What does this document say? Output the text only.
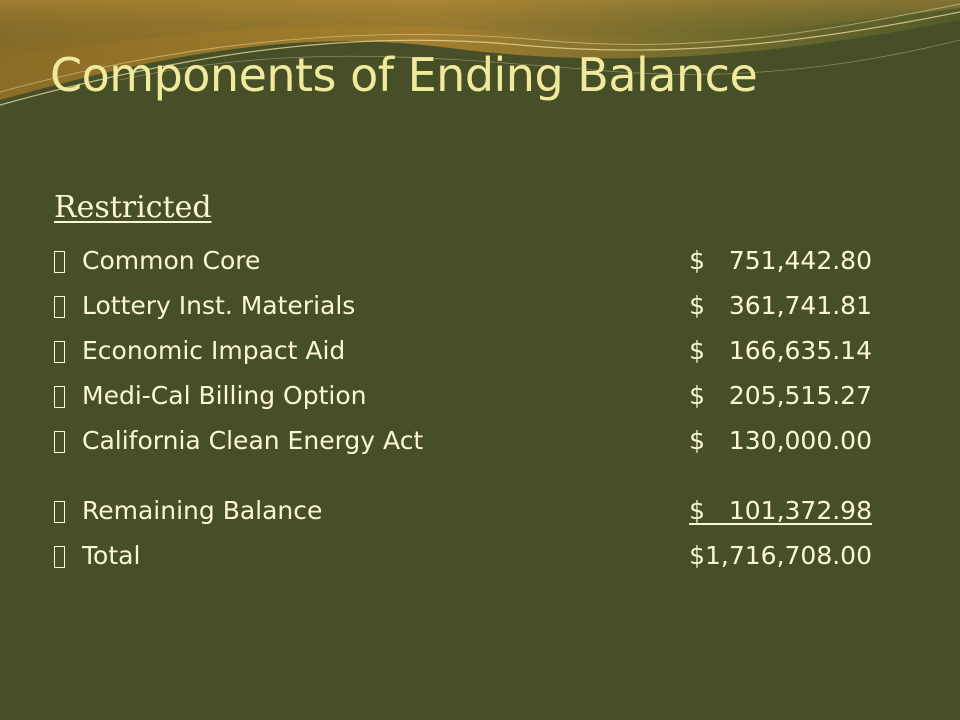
Components of Ending Balance
Restricted
Common Core	$   751,442.80
Lottery Inst. Materials	$   361,741.81
Economic Impact Aid	$   166,635.14
Medi-Cal Billing Option	$   205,515.27
California Clean Energy Act	$   130,000.00
Remaining Balance	$   101,372.98
Total	$1,716,708.00
